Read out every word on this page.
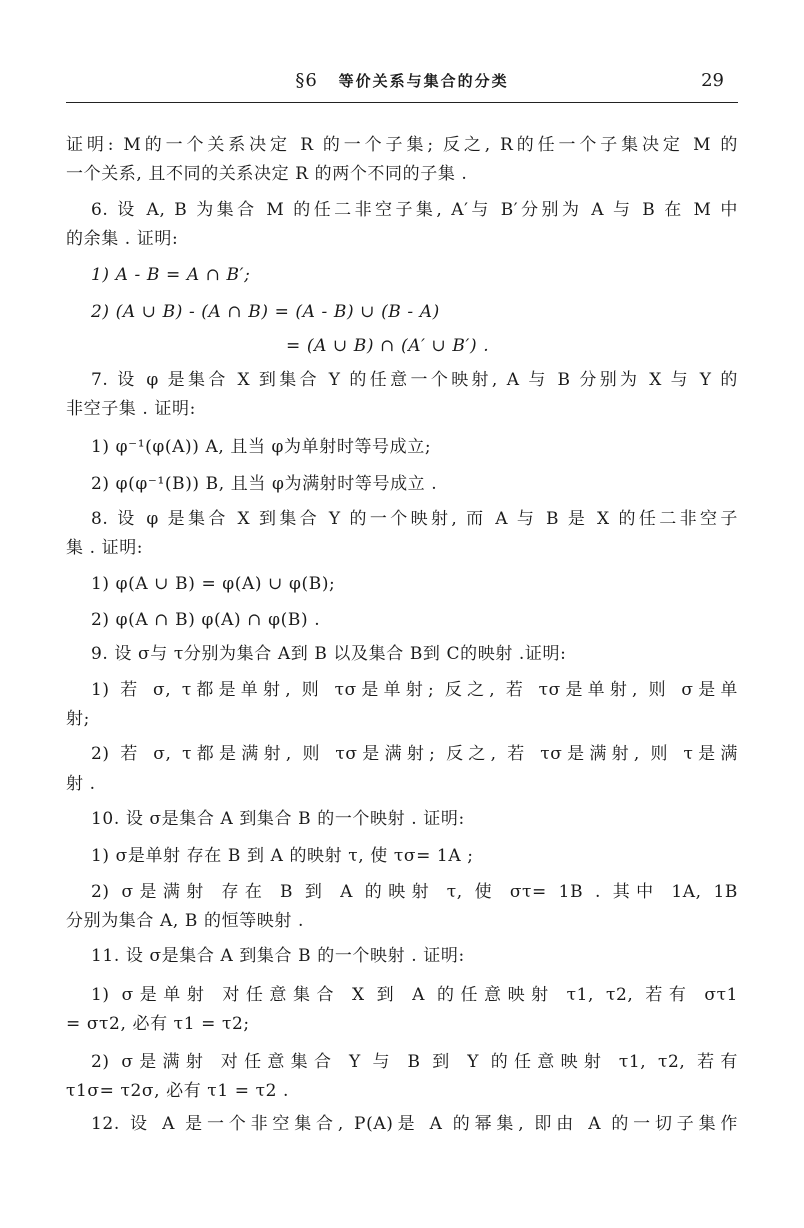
§6 等价关系与集合的分类	29
证明: M的一个关系决定 R 的一个子集; 反之, R的任一个子集决定 M 的
一个关系, 且不同的关系决定 R 的两个不同的子集 .
6. 设 A, B 为集合 M 的任二非空子集, A′与 B′分别为 A 与 B 在 M 中
的余集 . 证明:
1) A - B = A ∩ B′;
2) (A ∪ B) - (A ∩ B) = (A - B) ∪ (B - A)
= (A ∪ B) ∩ (A′ ∪ B′) .
7. 设 φ 是集合 X 到集合 Y 的任意一个映射, A 与 B 分别为 X 与 Y 的
非空子集 . 证明:
1) φ⁻¹(φ(A)) A, 且当 φ为单射时等号成立;
2) φ(φ⁻¹(B)) B, 且当 φ为满射时等号成立 .
8. 设 φ 是集合 X 到集合 Y 的一个映射, 而 A 与 B 是 X 的任二非空子
集 . 证明:
1) φ(A ∪ B) = φ(A) ∪ φ(B);
2) φ(A ∩ B) φ(A) ∩ φ(B) .
9. 设 σ与 τ分别为集合 A到 B 以及集合 B到 C的映射 .证明:
1) 若 σ, τ都是单射, 则 τσ是单射; 反之, 若 τσ是单射, 则 σ是单
射;
2) 若 σ, τ都是满射, 则 τσ是满射; 反之, 若 τσ是满射, 则 τ是满
射 .
10. 设 σ是集合 A 到集合 B 的一个映射 . 证明:
1) σ是单射 存在 B 到 A 的映射 τ, 使 τσ= 1A ;
2) σ是满射 存在 B 到 A 的映射 τ, 使 στ= 1B . 其中 1A, 1B
分别为集合 A, B 的恒等映射 .
11. 设 σ是集合 A 到集合 B 的一个映射 . 证明:
1) σ是单射 对任意集合 X 到 A 的任意映射 τ1, τ2, 若有 στ1
= στ2, 必有 τ1 = τ2;
2) σ是满射 对任意集合 Y 与 B 到 Y 的任意映射 τ1, τ2, 若有
τ1σ= τ2σ, 必有 τ1 = τ2 .
12. 设 A 是一个非空集合, P(A)是 A 的幂集, 即由 A 的一切子集作
